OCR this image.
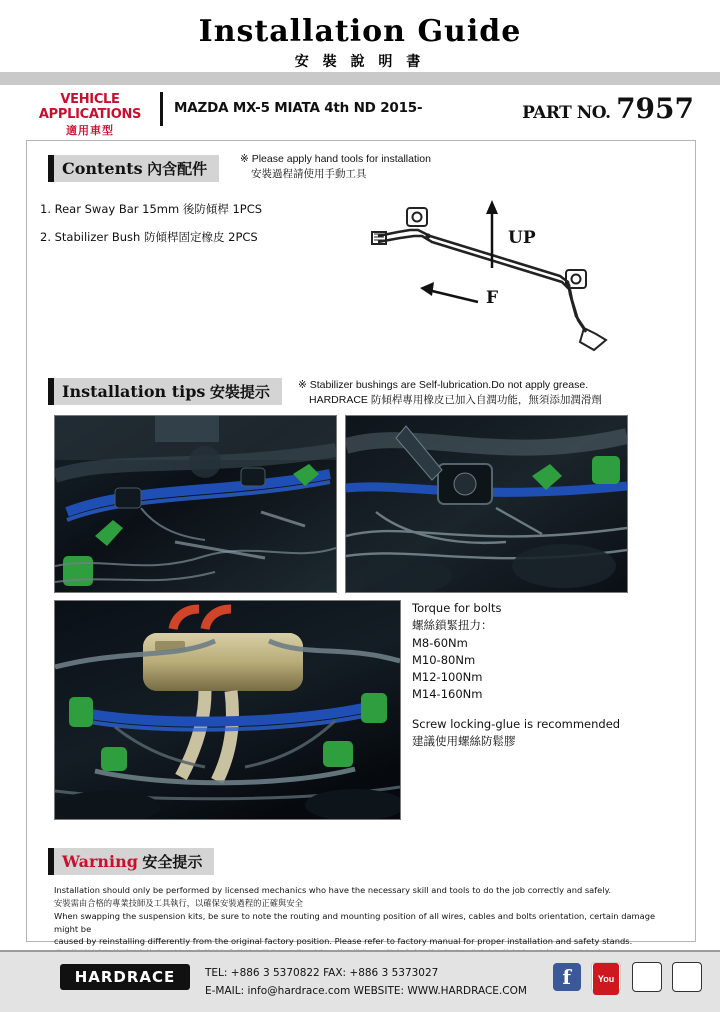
Installation Guide
安 裝 說 明 書
VEHICLE APPLICATIONS
適用車型
MAZDA MX-5 MIATA 4th ND 2015-	PART NO. 7957
Contents 內含配件
※ Please apply hand tools for installation
安裝過程請使用手動工具
1. Rear Sway Bar 15mm 後防傾桿 1PCS
2. Stabilizer Bush 防傾桿固定橡皮 2PCS	UP
F
Installation tips 安裝提示	※ Stabilizer bushings are Self-lubrication.Do not apply grease.
HARDRACE 防傾桿專用橡皮已加入自潤功能，無須添加潤滑劑
Torque for bolts
螺絲鎖緊扭力：
M8-60Nm
M10-80Nm
M12-100Nm
M14-160Nm
Screw locking-glue is recommended
建議使用螺絲防鬆膠
Warning 安全提示
Installation should only be performed by licensed mechanics who have the necessary skill and tools to do the job correctly and safely.
安裝需由合格的專業技師及工具執行，以確保安裝過程的正確與安全
When swapping the suspension kits, be sure to note the routing and mounting position of all wires, cables and bolts orientation, certain damage might be
caused by reinstalling differently from the original factory position. Please refer to factory manual for proper installation and safety stands.
HARDRACE	TEL: +886 3 5370822 FAX: +886 3 5373027
E-MAIL: info@hardrace.com WEBSITE: WWW.HARDRACE.COM
f	You
